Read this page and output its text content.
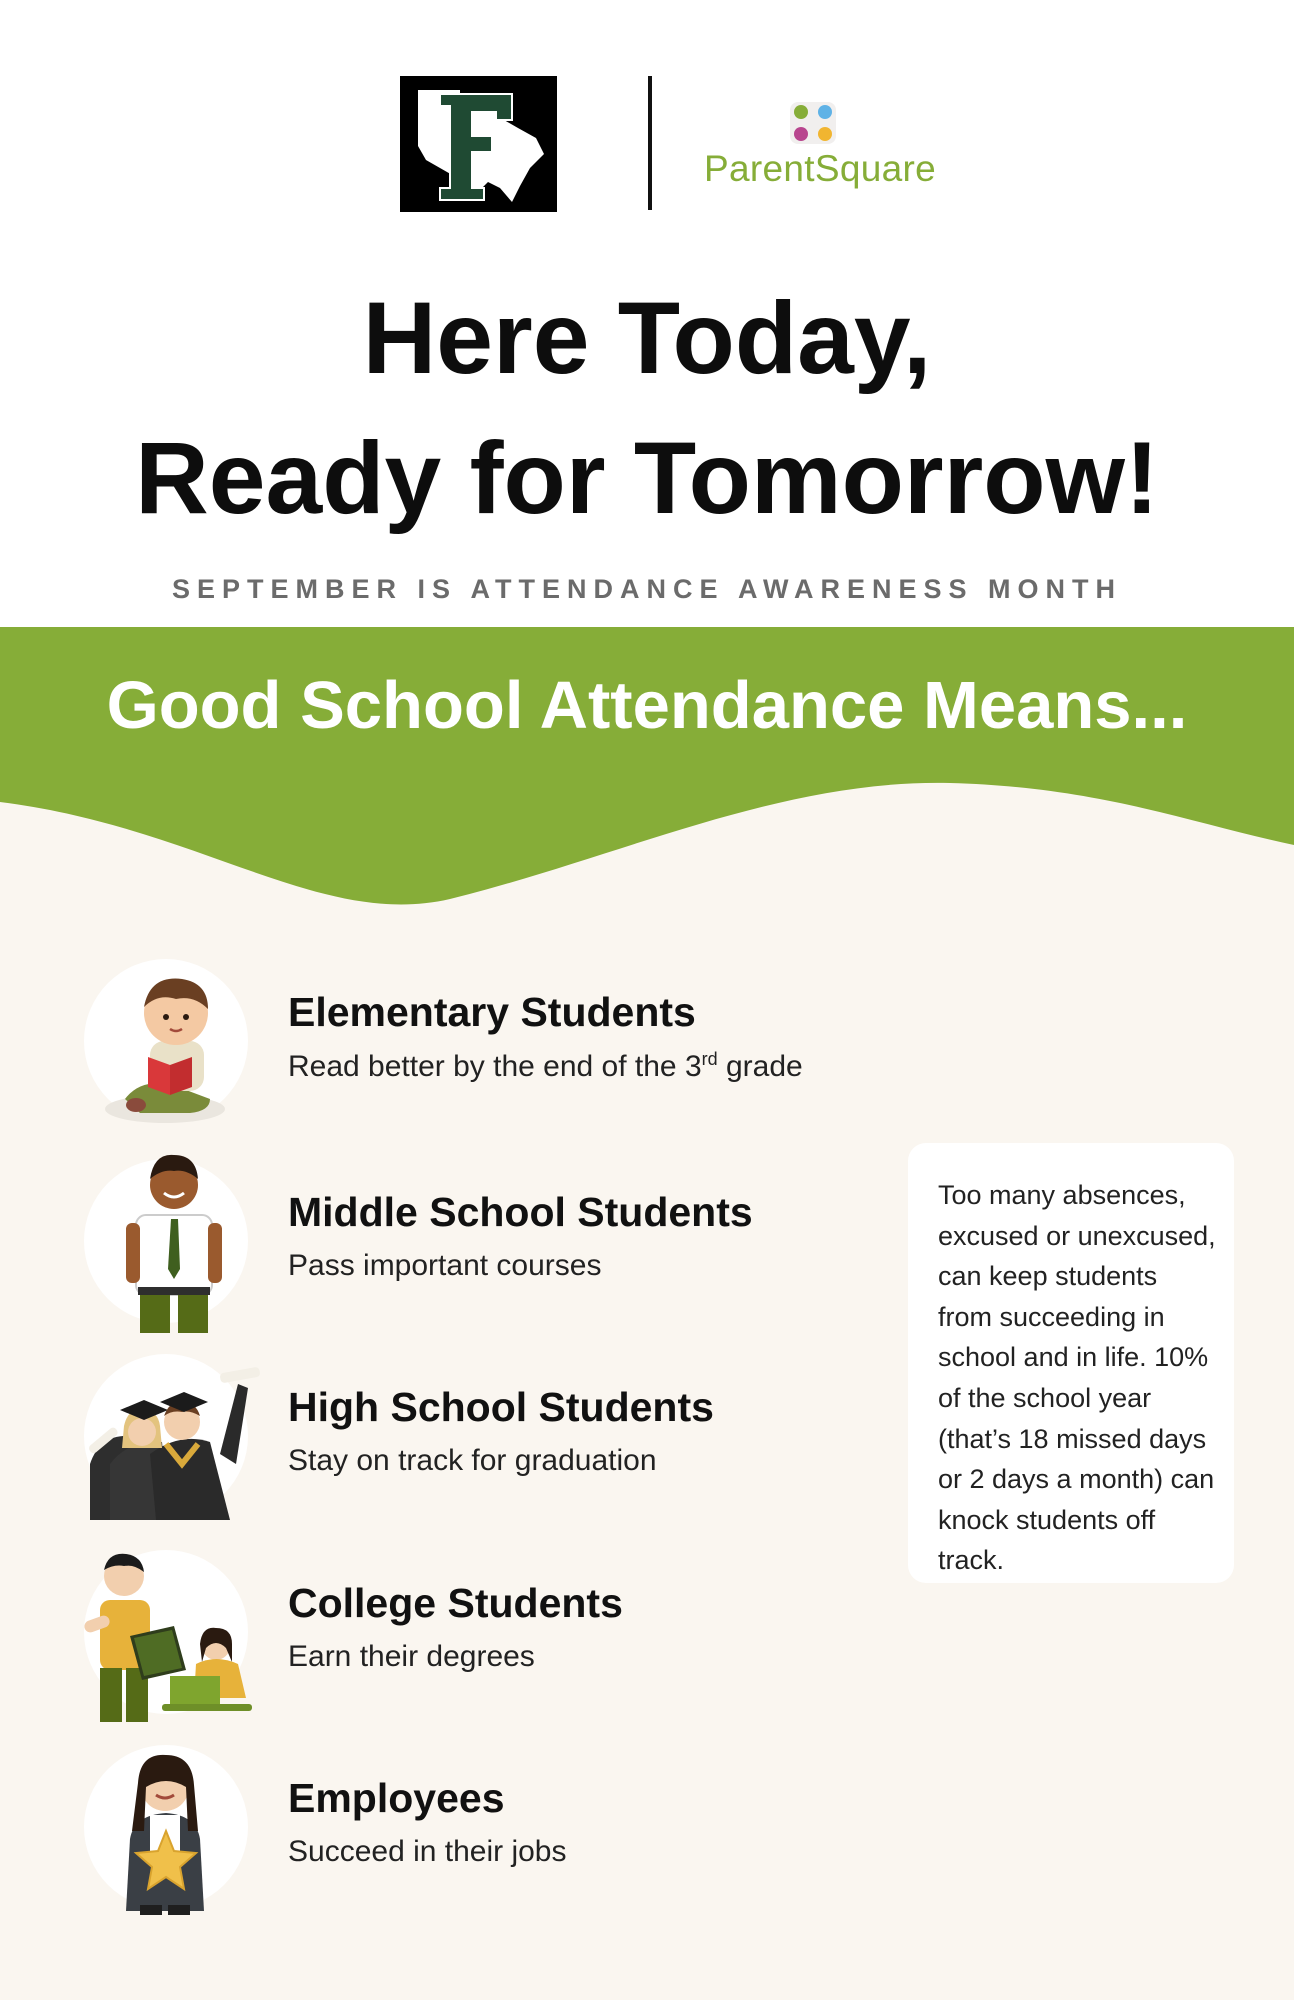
ParentSquare
Here Today,
Ready for Tomorrow!
SEPTEMBER IS ATTENDANCE AWARENESS MONTH
Good School Attendance Means...
Elementary Students
Read better by the end of the 3rd grade
Middle School Students
Pass important courses
High School Students
Stay on track for graduation
College Students
Earn their degrees
Employees
Succeed in their jobs
Too many absences, excused or unexcused, can keep students from succeeding in school and in life. 10% of the school year (that’s 18 missed days or 2 days a month) can knock students off track.
